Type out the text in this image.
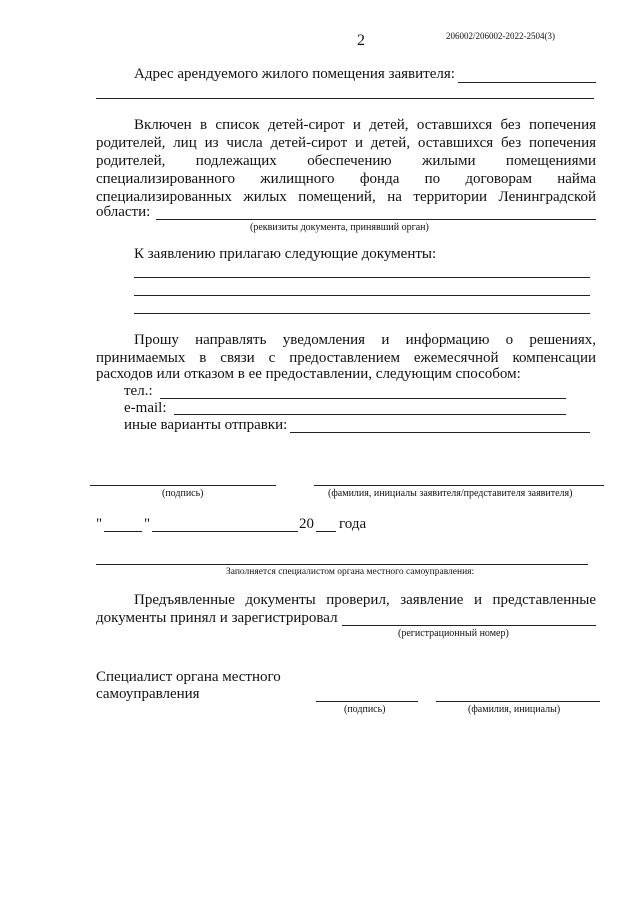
2	206002/206002-2022-2504(3)
Адрес арендуемого жилого помещения заявителя:
Включен в список детей-сирот и детей, оставшихся без попечения
родителей, лиц из числа детей-сирот и детей, оставшихся без попечения
родителей, подлежащих обеспечению жилыми помещениями
специализированного жилищного фонда по договорам найма
специализированных жилых помещений, на территории Ленинградской
области:
(реквизиты документа, принявший орган)
К заявлению прилагаю следующие документы:
Прошу направлять уведомления и информацию о решениях,
принимаемых в связи с предоставлением ежемесячной компенсации
расходов или отказом в ее предоставлении, следующим способом:
тел.:
e-mail:
иные варианты отправки:
(подпись)	(фамилия, инициалы заявителя/представителя заявителя)
"	"	20 года
Заполняется специалистом органа местного самоуправления:
Предъявленные документы проверил, заявление и представленные
документы принял и зарегистрировал
(регистрационный номер)
Специалист органа местного
самоуправления
(подпись)	(фамилия, инициалы)
